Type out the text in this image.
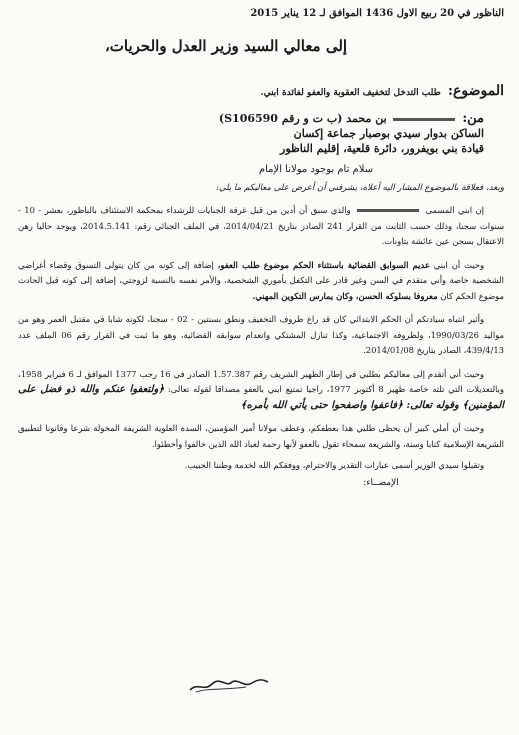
الناظور في 20 ربيع الاول 1436 الموافق لـ 12 يناير 2015
إلى معالي السيد وزير العدل والحريات،
الموضوع: طلب التدخل لتخفيف العقوبة والعفو لفائدة ابني.
من:  بن محمد (ب ت و رقم S106590)
الساكن بدوار سيدي بوصبار جماعة إكسان
قيادة بني بويفرور، دائرة قلعية، إقليم الناظور
سلام تام بوجود مولانا الإمام
وبعد، فعلاقة بالموضوع المشار اليه أعلاه، يشرفني أن أعرض على معاليكم ما يلي:

إن ابني المسمى  والذي سبق أن أدين من قبل غرفة الجنايات للرشداء بمحكمة الاستئناف بالناظور، بعشر - 10 - سنوات سجنا، وذلك حسب الثابت من القرار 241 الصادر بتاريخ 2014/04/21، في الملف الجنائي رقم: 2014.5.141، ويوجد حاليا رهن الاعتقال بسجن عين عائشة بتاونات.

وحيث أن ابني عديم السوابق القضائية باستثناء الحكم موضوع طلب العفو، إضافة إلى كونه من كان يتولى التسوق وقضاء أغراضي الشخصية خاصة وأني متقدم في السن وغير قادر على التكفل بأموري الشخصية، والأمر نفسه بالنسبة لزوجتي، إضافة إلى كونه قبل الحادث موضوع الحكم كان معروفا بسلوكه الحسن، وكان يمارس التكوين المهني.

وأثير انتباه سيادتكم أن الحكم الابتدائي كان قد راع ظروف التخفيف ونطق بسنتين - 02 - سجنا، لكونه شابا في مقتبل العمر وهو من مواليد 1990/03/26، ولظروفه الاجتماعية، وكذا تنازل المشتكي وانعدام سوابقه القضائية، وهو ما ثبت في القرار رقم 06 الملف عدد 439/4/13، الصادر بتاريخ 2014/01/08.

وحيث أني أتقدم إلى معاليكم بطلبي في إطار الظهير الشريف رقم 1.57.387 الصادر في 16 رجب 1377 الموافق لـ 6 فبراير 1958، وبالتعديلات التي تلته خاصة ظهير 8 أكتوبر 1977، راجيا تمتيع ابني بالعفو مصداقا لقوله تعالى: ﴿ولتعفوا عنكم والله ذو فضل على المؤمنين﴾ وقوله تعالى: ﴿فاعفوا واصفحوا حتى يأتي الله بأمره﴾

وحيث أن أملي كبير أن يحظى طلبي هذا بعطفكم، وعطف مولانا أمير المؤمنين، السدة العلوية الشريفة المخولة شرعا وقانونا لتطبيق الشريعة الإسلامية كتابا وسنة، والشريعة سمحاء تقول بالعفو لأنها رحمة لعباد الله الذين خالفوا وأخطئوا.

وتقبلوا سيدي الوزير أسمى عبارات التقدير والاحترام، ووفقكم الله لخدمة وطننا الحبيب.
الإمضــاء:
